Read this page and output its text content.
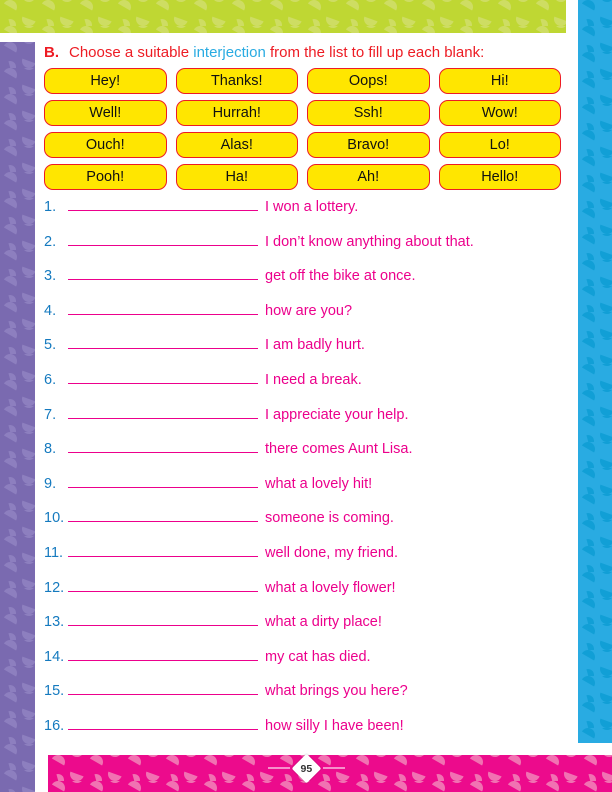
B. Choose a suitable interjection from the list to fill up each blank:
Hey!	Thanks!	Oops!	Hi!
Well!	Hurrah!	Ssh!	Wow!
Ouch!	Alas!	Bravo!	Lo!
Pooh!	Ha!	Ah!	Hello!
1.	I won a lottery.
2.	I don’t know anything about that.
3.	get off the bike at once.
4.	how are you?
5.	I am badly hurt.
6.	I need a break.
7.	I appreciate your help.
8.	there comes Aunt Lisa.
9.	what a lovely hit!
10.	someone is coming.
11.	well done, my friend.
12.	what a lovely flower!
13.	what a dirty place!
14.	my cat has died.
15.	what brings you here?
16.	how silly I have been!
95
